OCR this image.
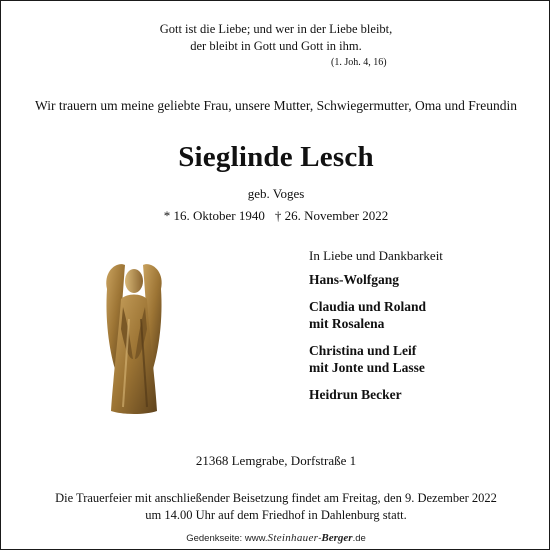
Gott ist die Liebe; und wer in der Liebe bleibt,
der bleibt in Gott und Gott in ihm.
(1. Joh. 4, 16)
Wir trauern um meine geliebte Frau, unsere Mutter, Schwiegermutter, Oma und Freundin
Sieglinde Lesch
geb. Voges
* 16. Oktober 1940 † 26. November 2022
In Liebe und Dankbarkeit
Hans-Wolfgang
Claudia und Roland
mit Rosalena
Christina und Leif
mit Jonte und Lasse
Heidrun Becker
21368 Lemgrabe, Dorfstraße 1
Die Trauerfeier mit anschließender Beisetzung findet am Freitag, den 9. Dezember 2022
um 14.00 Uhr auf dem Friedhof in Dahlenburg statt.
Gedenkseite: www.Steinhauer-Berger.de
